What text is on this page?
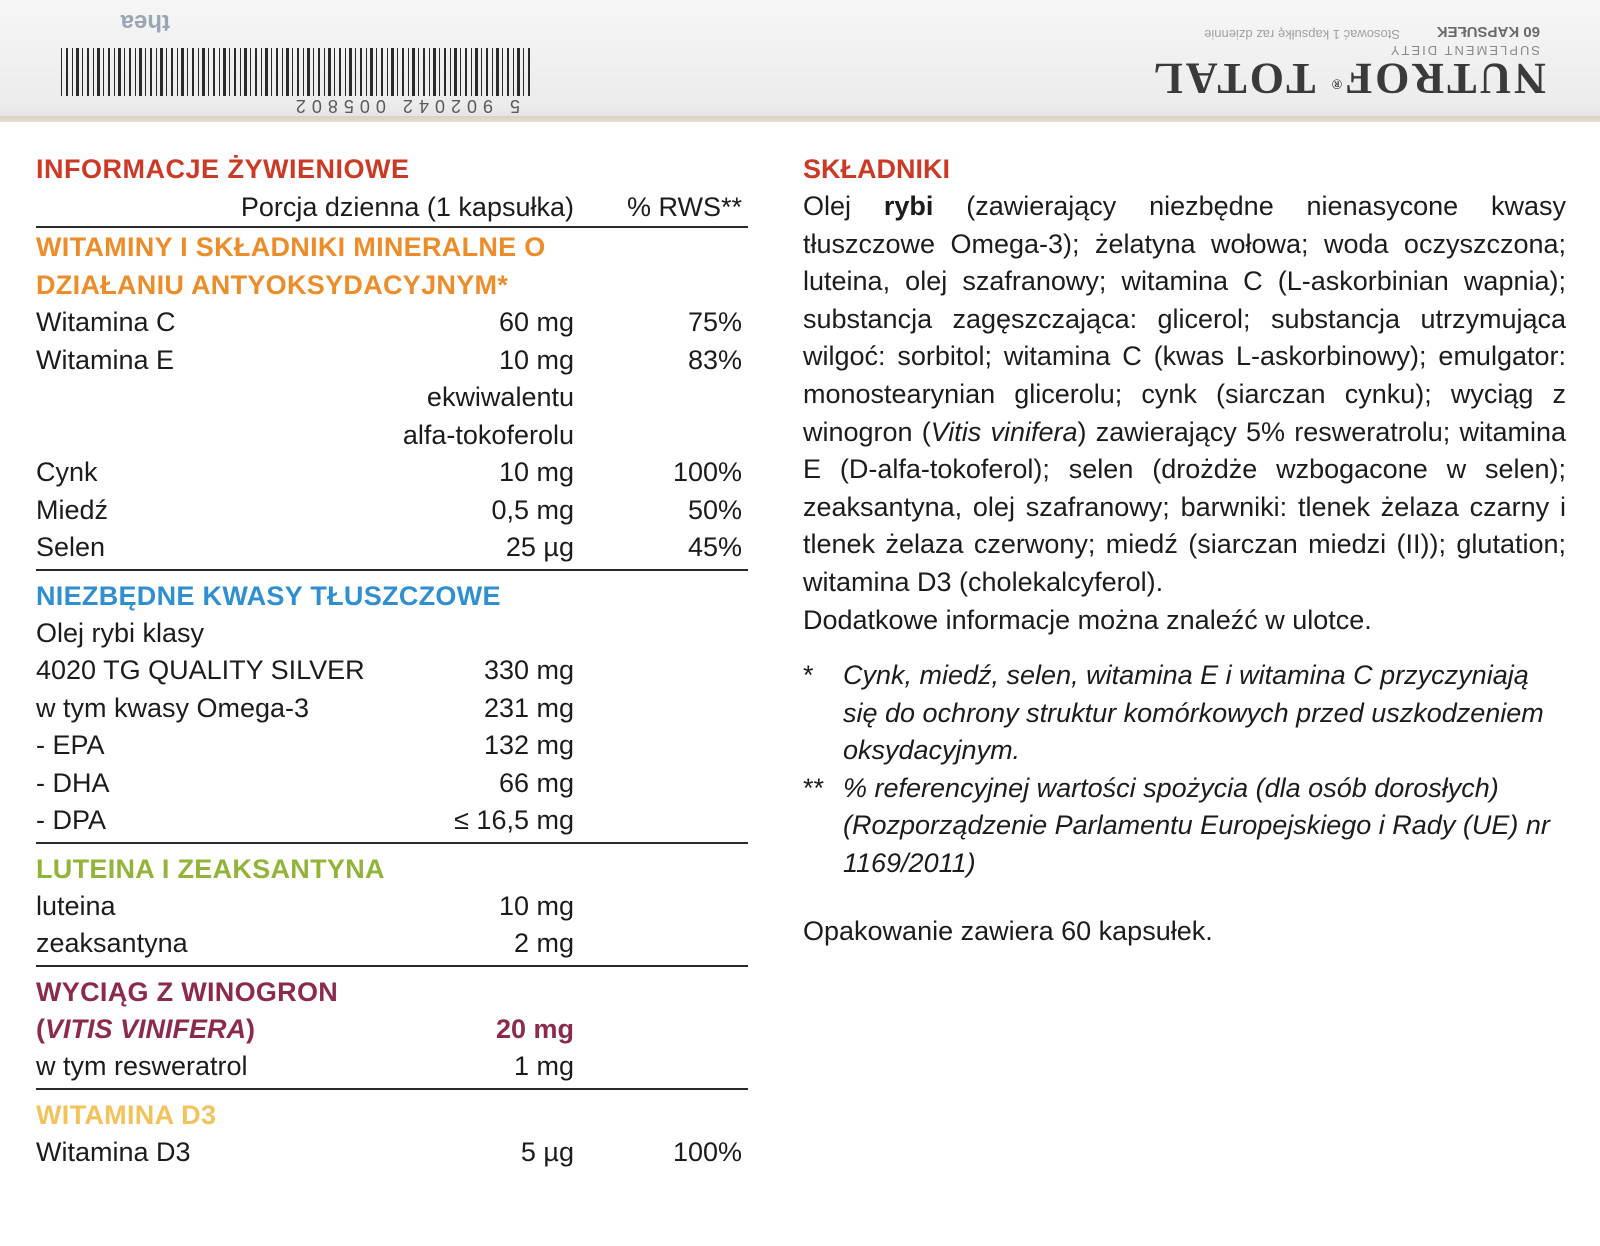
NUTROF® TOTAL
SUPLEMENT DIETY
60 KAPSUŁEK
Stosować 1 kapsułkę raz dziennie
5 902042 005802
thea
INFORMACJE ŻYWIENIOWE
Porcja dzienna (1 kapsułka) % RWS**
WITAMINY I SKŁADNIKI MINERALNE O
DZIAŁANIU ANTYOKSYDACYJNYM*
Witamina C	60 mg	75%
Witamina E	10 mg	83%
ekwiwalentu
alfa-tokoferolu
Cynk	10 mg	100%
Miedź	0,5 mg	50%
Selen	25 µg	45%
NIEZBĘDNE KWASY TŁUSZCZOWE
Olej rybi klasy
4020 TG QUALITY SILVER	330 mg
w tym kwasy Omega-3	231 mg
- EPA	132 mg
- DHA	66 mg
- DPA	≤ 16,5 mg
LUTEINA I ZEAKSANTYNA
luteina	10 mg
zeaksantyna	2 mg
WYCIĄG Z WINOGRON
(VITIS VINIFERA)	20 mg
w tym resweratrol	1 mg
WITAMINA D3
Witamina D3	5 µg	100%
SKŁADNIKI

Olej rybi (zawierający niezbędne nienasycone kwasy tłuszczowe Omega-3); żelatyna wołowa; woda oczyszczona; luteina, olej szafranowy; witamina C (L-askorbinian wapnia); substancja zagęszczająca: glicerol; substancja utrzymująca wilgoć: sorbitol; witamina C (kwas L-askorbinowy); emulgator: monostearynian glicerolu; cynk (siarczan cynku); wyciąg z winogron (Vitis vinifera) zawierający 5% resweratrolu; witamina E (D-alfa-tokoferol); selen (drożdże wzbogacone w selen); zeaksantyna, olej szafranowy; barwniki: tlenek żelaza czarny i tlenek żelaza czerwony; miedź (siarczan miedzi (II)); glutation; witamina D3 (cholekalcyferol).

Dodatkowe informacje można znaleźć w ulotce.

* Cynk, miedź, selen, witamina E i witamina C przyczyniają się do ochrony struktur komórkowych przed uszkodzeniem oksydacyjnym.
** % referencyjnej wartości spożycia (dla osób dorosłych)(Rozporządzenie Parlamentu Europejskiego i Rady (UE) nr 1169/2011)
Opakowanie zawiera 60 kapsułek.
